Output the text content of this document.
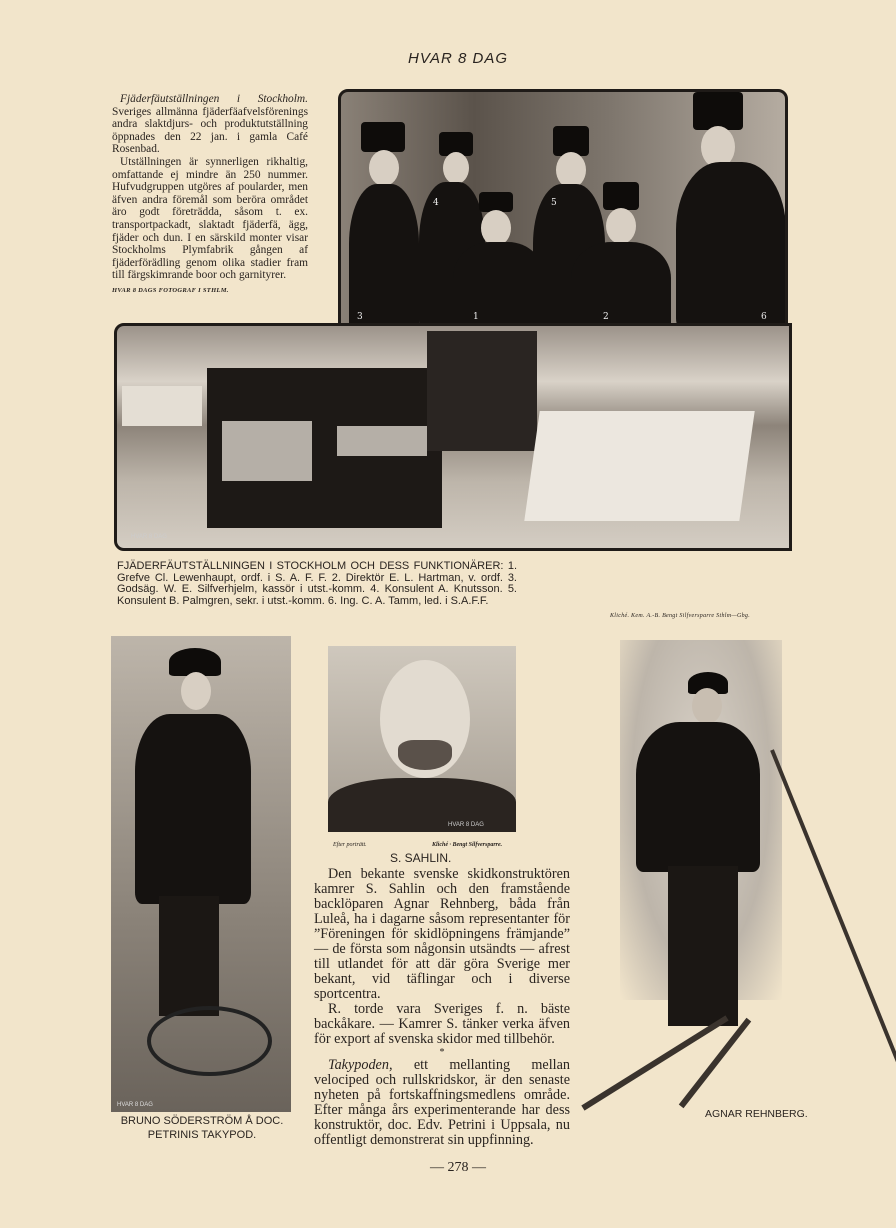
HVAR 8 DAG

Fjäderfäutställningen i Stockholm. Sveriges allmänna fjäderfäafvelsförenings andra slaktdjurs- och produktutställning öppnades den 22 jan. i gamla Café Rosenbad.

Utställningen är synnerligen rikhaltig, omfattande ej mindre än 250 nummer. Hufvudgruppen utgöres af poularder, men äfven andra föremål som beröra området äro godt företrädda, såsom t. ex. transportpackadt, slaktadt fjäderfä, ägg, fjäder och dun. I en särskild monter visar Stockholms Plymfabrik gången af fjäderförädling genom olika stadier fram till färgskimrande boor och garnityrer.

HVAR 8 DAGS FOTOGRAF I STHLM.
3
4
1
5
2	6
HVAR 8 DAG
FJÄDERFÄUTSTÄLLNINGEN I STOCKHOLM OCH DESS FUNKTIONÄRER: 1. Grefve Cl. Lewenhaupt, ordf. i S. A. F. F. 2. Direktör E. L. Hartman, v. ordf. 3. Godsäg. W. E. Silfverhjelm, kassör i utst.-komm. 4. Konsulent A. Knutsson. 5. Konsulent B. Palmgren, sekr. i utst.-komm. 6. Ing. C. A. Tamm, led. i S.A.F.F.
Kliché. Kem. A.-B. Bengt Silfversparre Sthlm—Gbg.
HVAR 8 DAG
BRUNO SÖDERSTRÖM Å DOC. PETRINIS TAKYPOD.
HVAR 8 DAG
Efter porträtt.	Kliché · Bengt Silfversparre.
S. SAHLIN.

Den bekante svenske skidkonstruktören kamrer S. Sahlin och den framstående backlöparen Agnar Rehnberg, båda från Luleå, ha i dagarne såsom representanter för ”Föreningen för skidlöpningens främjande” — de första som någonsin utsändts — afrest till utlandet för att där göra Sverige mer bekant, vid täflingar och i diverse sportcentra.

R. torde vara Sveriges f. n. bäste backåkare. — Kamrer S. tänker verka äfven för export af svenska skidor med tillbehör.

*

Takypoden, ett mellanting mellan velociped och rullskridskor, är den senaste nyheten på fortskaffningsmedlens område. Efter många års experimenterande har dess konstruktör, doc. Edv. Petrini i Uppsala, nu offentligt demonstrerat sin uppfinning.

AGNAR REHNBERG.
— 278 —
